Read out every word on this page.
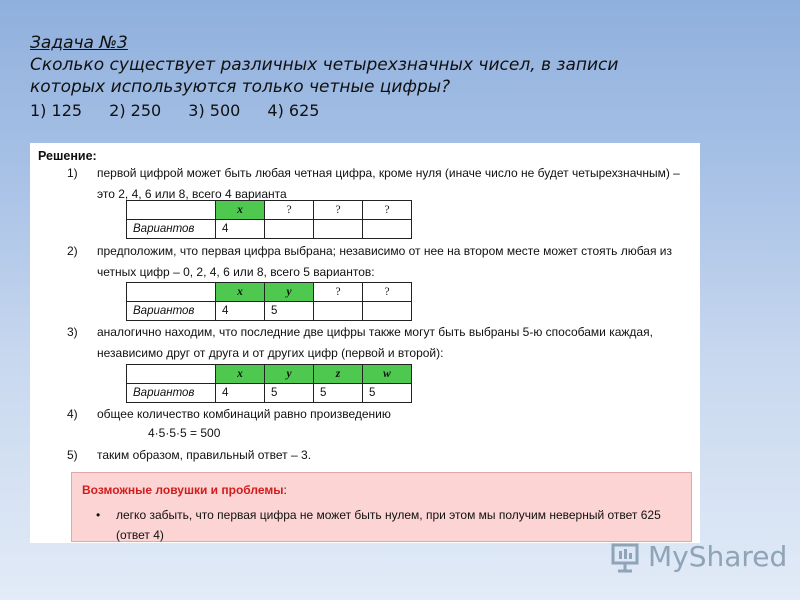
Задача №3
Сколько существует различных четырехзначных чисел, в записи
которых используются только четные цифры?
1) 125 2) 250 3) 500 4) 625
Решение:
1) первой цифрой может быть любая четная цифра, кроме нуля (иначе число не будет четырехзначным) – это 2, 4, 6 или 8, всего 4 варианта
	x	?	?	?
Вариантов	4			
2) предположим, что первая цифра выбрана; независимо от нее на втором месте может стоять любая из четных цифр – 0, 2, 4, 6 или 8, всего 5 вариантов:
	x	y	?	?
Вариантов	4	5		
3) аналогично находим, что последние две цифры также могут быть выбраны 5-ю способами каждая, независимо друг от друга и от других цифр (первой и второй):
	x	y	z	w
Вариантов	4	5	5	5
4) общее количество комбинаций равно произведению
4·5·5·5 = 500
5) таким образом, правильный ответ – 3.
Возможные ловушки и проблемы:
• легко забыть, что первая цифра не может быть нулем, при этом мы получим неверный ответ 625 (ответ 4)
MyShared
